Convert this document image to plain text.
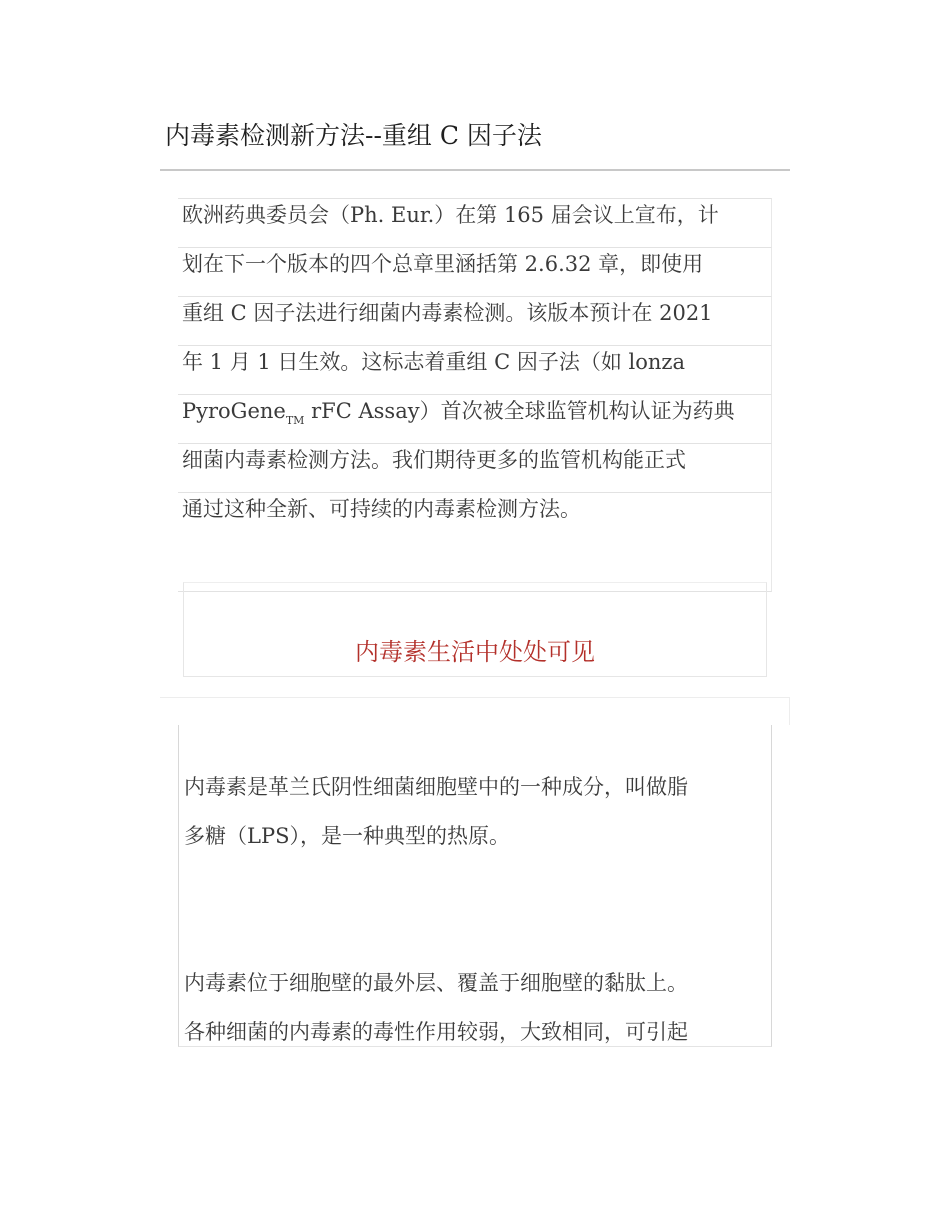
内毒素检测新方法--重组 C 因子法
欧洲药典委员会（Ph. Eur.）在第 165 届会议上宣布，计
划在下一个版本的四个总章里涵括第 2.6.32 章，即使用
重组 C 因子法进行细菌内毒素检测。该版本预计在 2021
年 1 月 1 日生效。这标志着重组 C 因子法（如 lonza
PyroGene$_{TM}$ rFC Assay）首次被全球监管机构认证为药典
细菌内毒素检测方法。我们期待更多的监管机构能正式
通过这种全新、可持续的内毒素检测方法。
内毒素生活中处处可见
内毒素是革兰氏阴性细菌细胞壁中的一种成分，叫做脂
多糖（LPS），是一种典型的热原。
内毒素位于细胞壁的最外层、覆盖于细胞壁的黏肽上。
各种细菌的内毒素的毒性作用较弱，大致相同，可引起
